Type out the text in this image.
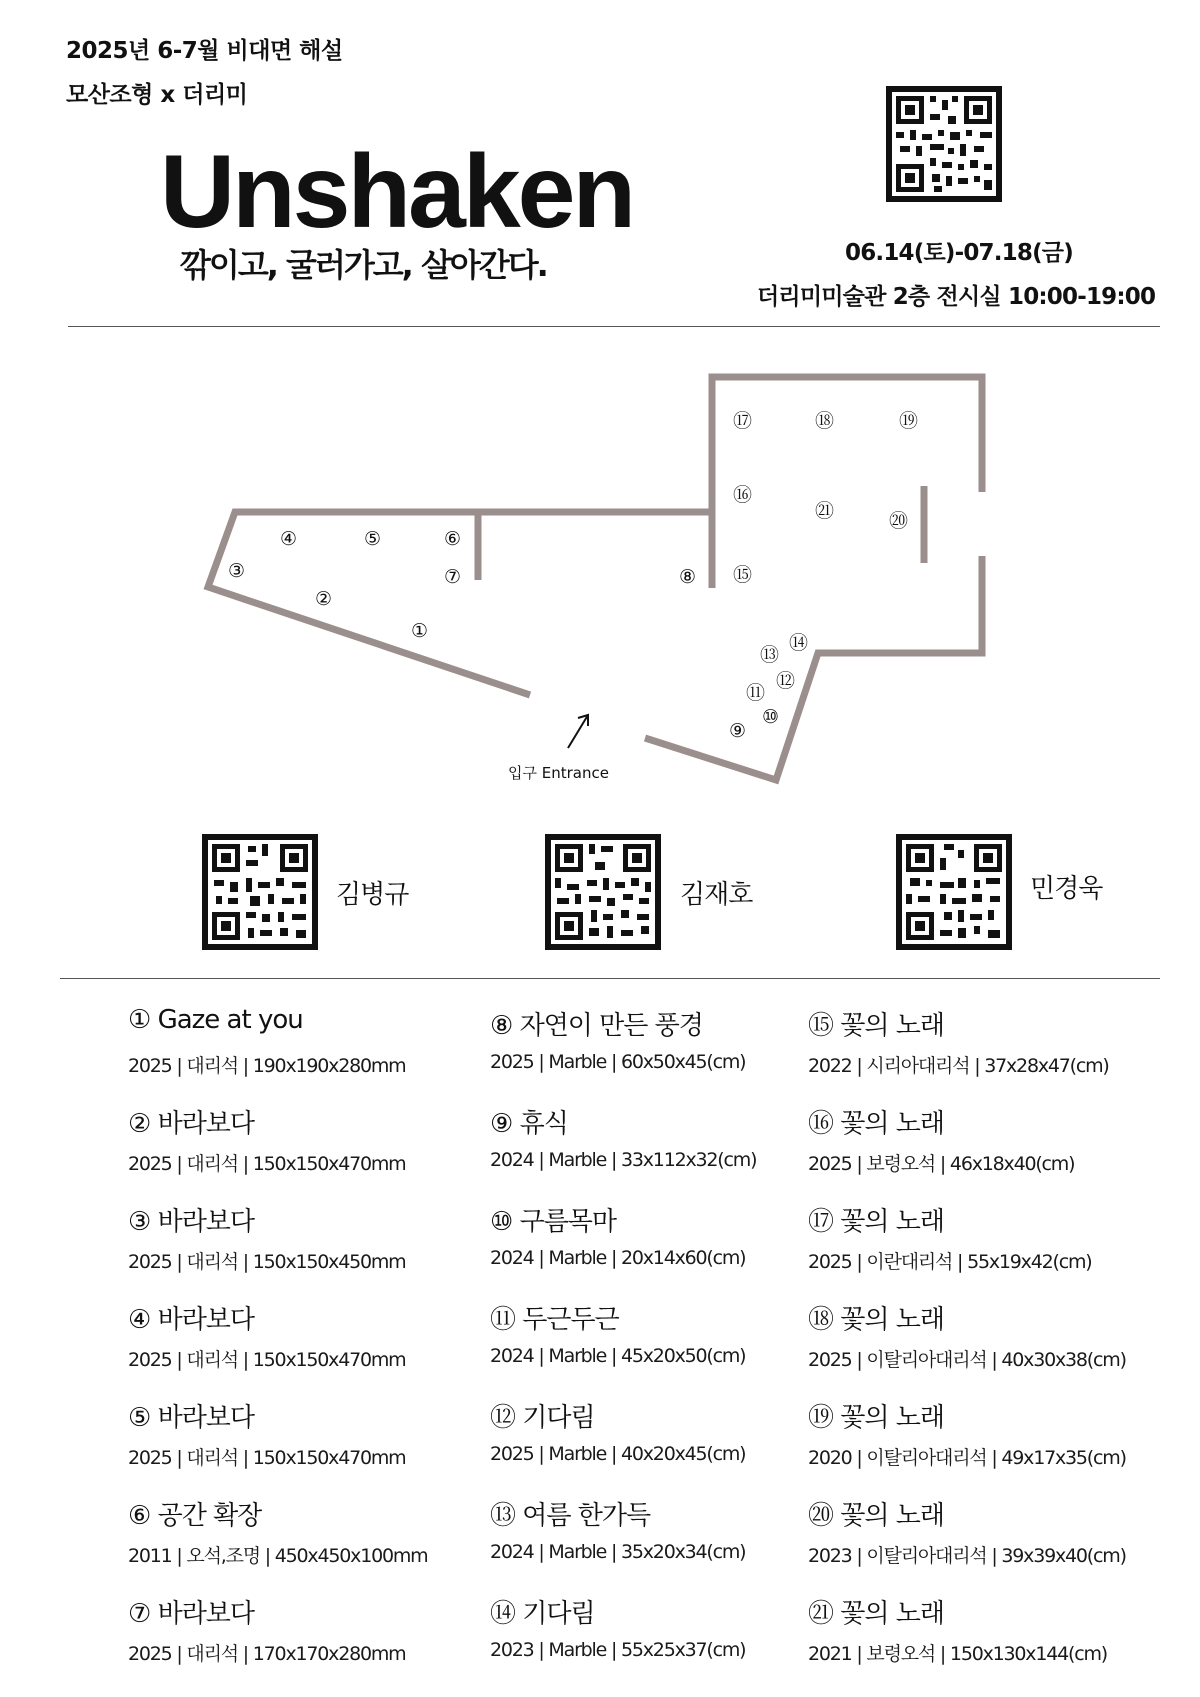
2025년 6-7월 비대면 해설
모산조형 x 더리미
Unshaken
깎이고, 굴러가고, 살아간다.	06.14(토)-07.18(금)
더리미미술관 2층 전시실 10:00-19:00
입구 Entrance
①
②
③
④	⑤	⑥
⑦	⑧
⑨
⑩
⑪
⑫
⑬
⑭
⑮
⑯
⑰	⑱	⑲
⑳
㉑
김병규	김재호	민경욱
① Gaze at you
2025 | 대리석 | 190x190x280mm
② 바라보다
2025 | 대리석 | 150x150x470mm
③ 바라보다
2025 | 대리석 | 150x150x450mm
④ 바라보다
2025 | 대리석 | 150x150x470mm
⑤ 바라보다
2025 | 대리석 | 150x150x470mm
⑥ 공간 확장
2011 | 오석,조명 | 450x450x100mm
⑦ 바라보다
2025 | 대리석 | 170x170x280mm
⑧ 자연이 만든 풍경
2025 | Marble | 60x50x45(cm)
⑨ 휴식
2024 | Marble | 33x112x32(cm)
⑩ 구름목마
2024 | Marble | 20x14x60(cm)
⑪ 두근두근
2024 | Marble | 45x20x50(cm)
⑫ 기다림
2025 | Marble | 40x20x45(cm)
⑬ 여름 한가득
2024 | Marble | 35x20x34(cm)
⑭ 기다림
2023 | Marble | 55x25x37(cm)
⑮ 꽃의 노래
2022 | 시리아대리석 | 37x28x47(cm)
⑯ 꽃의 노래
2025 | 보령오석 | 46x18x40(cm)
⑰ 꽃의 노래
2025 | 이란대리석 | 55x19x42(cm)
⑱ 꽃의 노래
2025 | 이탈리아대리석 | 40x30x38(cm)
⑲ 꽃의 노래
2020 | 이탈리아대리석 | 49x17x35(cm)
⑳ 꽃의 노래
2023 | 이탈리아대리석 | 39x39x40(cm)
㉑ 꽃의 노래
2021 | 보령오석 | 150x130x144(cm)
